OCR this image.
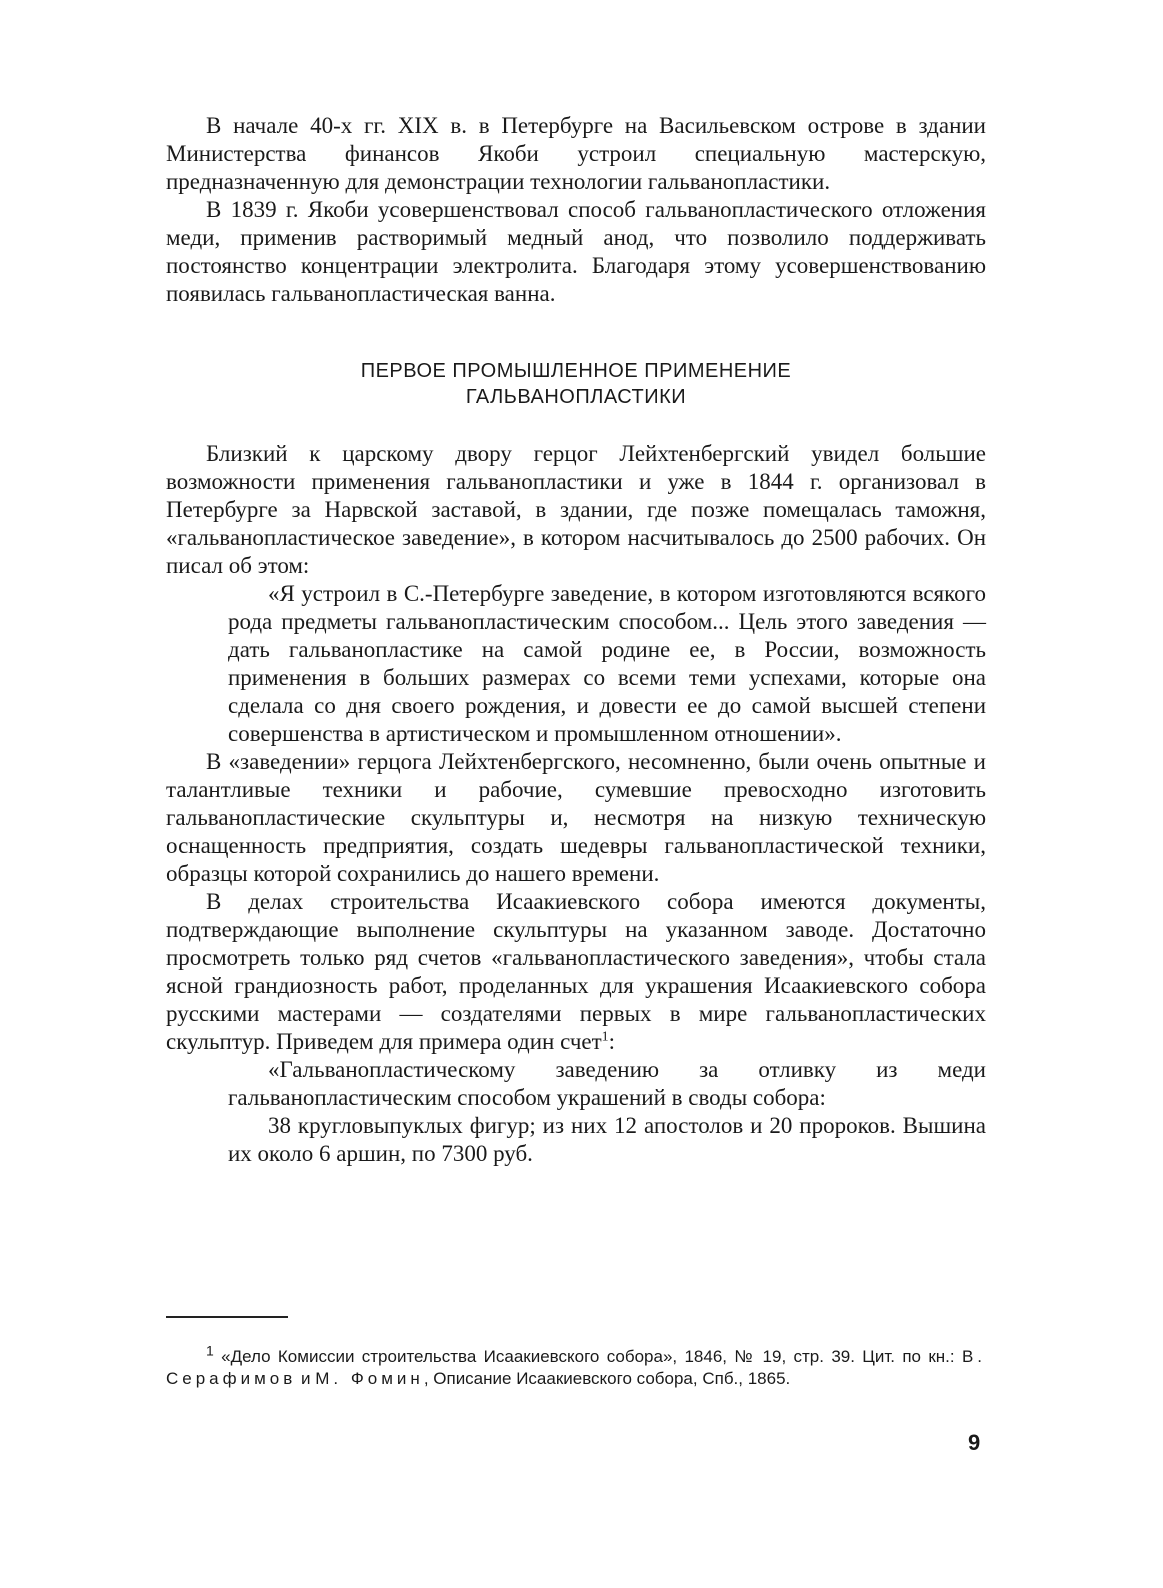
В начале 40-х гг. XIX в. в Петербурге на Васильевском острове в здании Министерства финансов Якоби устроил специальную мастерскую, предназначенную для демонстрации технологии гальванопластики.

В 1839 г. Якоби усовершенствовал способ гальванопластического отложения меди, применив растворимый медный анод, что позволило поддерживать постоянство концентрации электролита. Благодаря этому усовершенствованию появилась гальванопластическая ванна.

ПЕРВОЕ ПРОМЫШЛЕННОЕ ПРИМЕНЕНИЕ
ГАЛЬВАНОПЛАСТИКИ

Близкий к царскому двору герцог Лейхтенбергский увидел большие возможности применения гальванопластики и уже в 1844 г. организовал в Петербурге за Нарвской заставой, в здании, где позже помещалась таможня, «гальванопластическое заведение», в котором насчитывалось до 2500 рабочих. Он писал об этом:

«Я устроил в С.-Петербурге заведение, в котором изготовляются всякого рода предметы гальванопластическим способом... Цель этого заведения — дать гальванопластике на самой родине ее, в России, возможность применения в больших размерах со всеми теми успехами, которые она сделала со дня своего рождения, и довести ее до самой высшей степени совершенства в артистическом и промышленном отношении».

В «заведении» герцога Лейхтенбергского, несомненно, были очень опытные и талантливые техники и рабочие, сумевшие превосходно изготовить гальванопластические скульптуры и, несмотря на низкую техническую оснащенность предприятия, создать шедевры гальванопластической техники, образцы которой сохранились до нашего времени.

В делах строительства Исаакиевского собора имеются документы, подтверждающие выполнение скульптуры на указанном заводе. Достаточно просмотреть только ряд счетов «гальванопластического заведения», чтобы стала ясной грандиозность работ, проделанных для украшения Исаакиевского собора русскими мастерами — создателями первых в мире гальванопластических скульптур. Приведем для примера один счет$^1$:

«Гальванопластическому заведению за отливку из меди гальванопластическим способом украшений в своды собора:

38 кругловыпуклых фигур; из них 12 апостолов и 20 пророков. Вышина их около 6 аршин, по 7300 руб.

$^1$ «Дело Комиссии строительства Исаакиевского собора», 1846, № 19, стр. 39. Цит. по кн.: В. Серафимов и М. Фомин, Описание Исаакиевского собора, Спб., 1865.

9
